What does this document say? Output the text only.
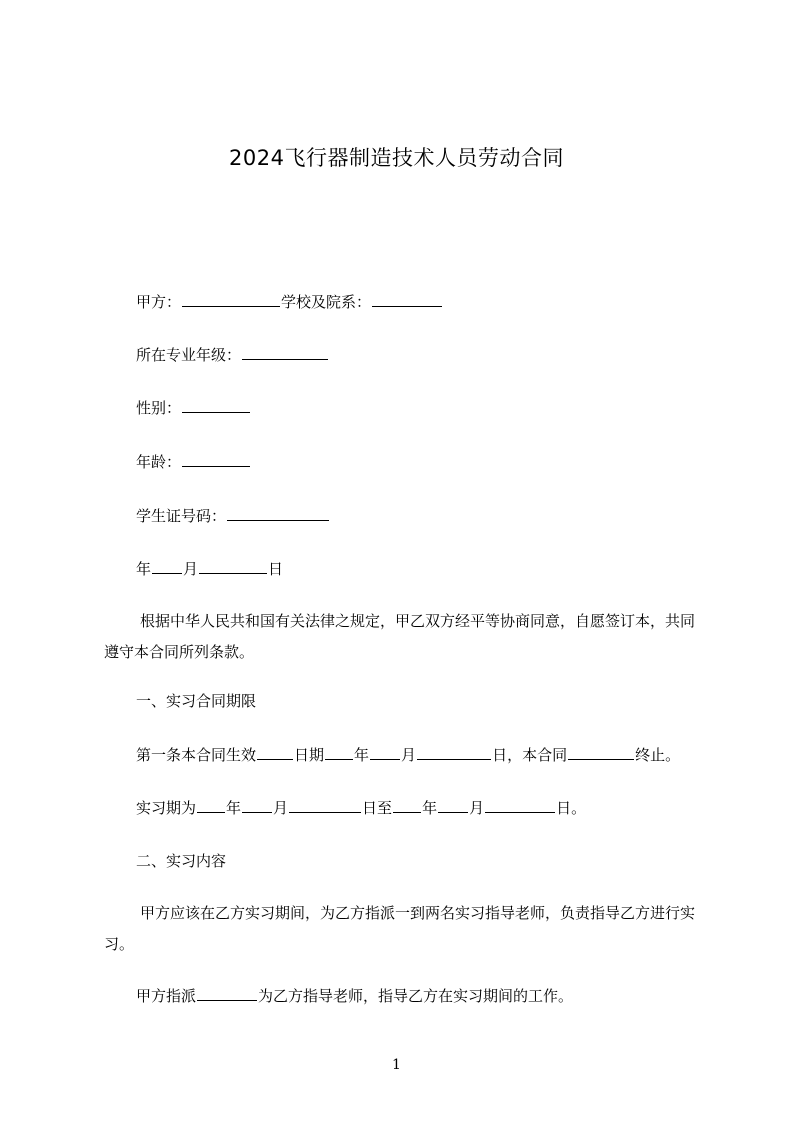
2024飞行器制造技术人员劳动合同
甲方：	学校及院系：
所在专业年级：
性别：
年龄：
学生证号码：
年 月	日
根据中华人民共和国有关法律之规定，甲乙双方经平等协商同意，自愿签订本，共同遵守本合同所列条款。
一、实习合同期限
第一条本合同生效	日期 年 月	日，本合同	终止。
实习期为 年 月	日至 年 月	日。
二、实习内容
甲方应该在乙方实习期间，为乙方指派一到两名实习指导老师，负责指导乙方进行实习。
甲方指派	为乙方指导老师，指导乙方在实习期间的工作。
1
